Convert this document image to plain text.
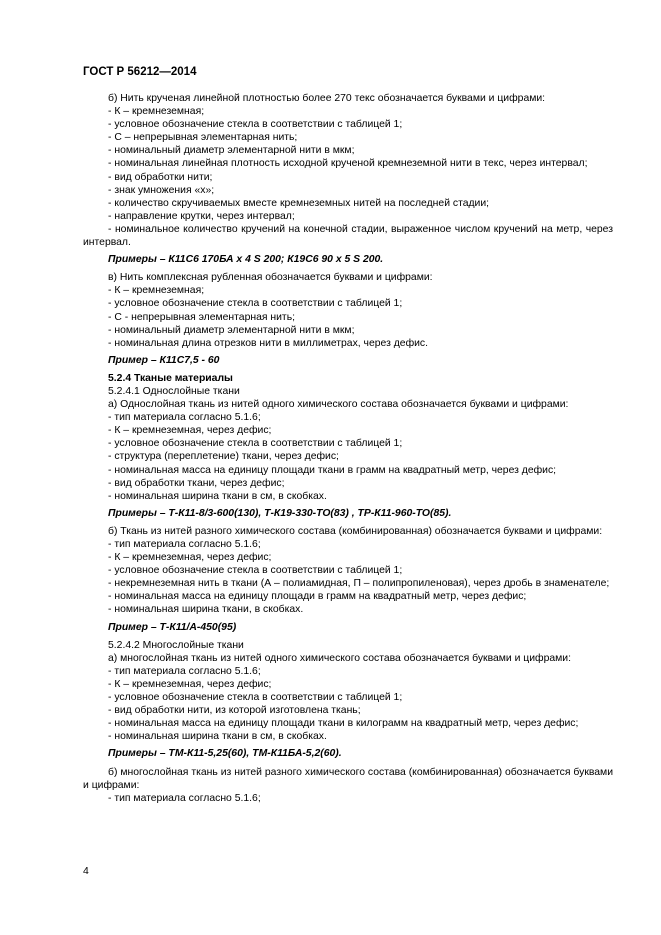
ГОСТ Р 56212—2014

б) Нить крученая линейной плотностью более 270 текс обозначается буквами и цифрами:

- К – кремнеземная;

- условное обозначение стекла в соответствии с таблицей 1;

- С – непрерывная элементарная нить;

- номинальный диаметр элементарной нити в мкм;

- номинальная линейная плотность исходной крученой кремнеземной нити в текс, через интервал;

- вид обработки нити;

- знак умножения «х»;

- количество скручиваемых вместе кремнеземных нитей на последней стадии;

- направление крутки, через интервал;

- номинальное количество кручений на конечной стадии, выраженное числом кручений на метр, через интервал.

Примеры – К11С6 170БА х 4 S 200; К19С6 90 х 5 S 200.

в) Нить комплексная рубленная обозначается буквами и цифрами:

- К – кремнеземная;

- условное обозначение стекла в соответствии с таблицей 1;

- С - непрерывная элементарная нить;

- номинальный диаметр элементарной нити в мкм;

- номинальная длина отрезков нити в миллиметрах, через дефис.

Пример – К11С7,5 - 60

5.2.4 Тканые материалы

5.2.4.1 Однослойные ткани

а) Однослойная ткань из нитей одного химического состава обозначается буквами и цифрами:

- тип материала согласно 5.1.6;

- К – кремнеземная, через дефис;

- условное обозначение стекла в соответствии с таблицей 1;

- структура (переплетение) ткани, через дефис;

- номинальная масса на единицу площади ткани в грамм на квадратный метр, через дефис;

- вид обработки ткани, через дефис;

- номинальная ширина ткани в см, в скобках.

Примеры – Т-К11-8/3-600(130), Т-К19-330-ТО(83) , ТР-К11-960-ТО(85).

б) Ткань из нитей разного химического состава (комбинированная) обозначается буквами и цифрами:

- тип материала согласно 5.1.6;

- К – кремнеземная, через дефис;

- условное обозначение стекла в соответствии с таблицей 1;

- некремнеземная нить в ткани (А – полиамидная, П – полипропиленовая), через дробь в знаменателе;

- номинальная масса на единицу площади в грамм на квадратный метр, через дефис;

- номинальная ширина ткани, в скобках.

Пример – Т-К11/А-450(95)

5.2.4.2 Многослойные ткани

а) многослойная ткань из нитей одного химического состава обозначается буквами и цифрами:

- тип материала согласно 5.1.6;

- К – кремнеземная, через дефис;

- условное обозначение стекла в соответствии с таблицей 1;

- вид обработки нити, из которой изготовлена ткань;

- номинальная масса на единицу площади ткани в килограмм на квадратный метр, через дефис;

- номинальная ширина ткани в см, в скобках.

Примеры – ТМ-К11-5,25(60), ТМ-К11БА-5,2(60).

б) многослойная ткань из нитей разного химического состава (комбинированная) обозначается буквами и цифрами:

- тип материала согласно 5.1.6;

4
